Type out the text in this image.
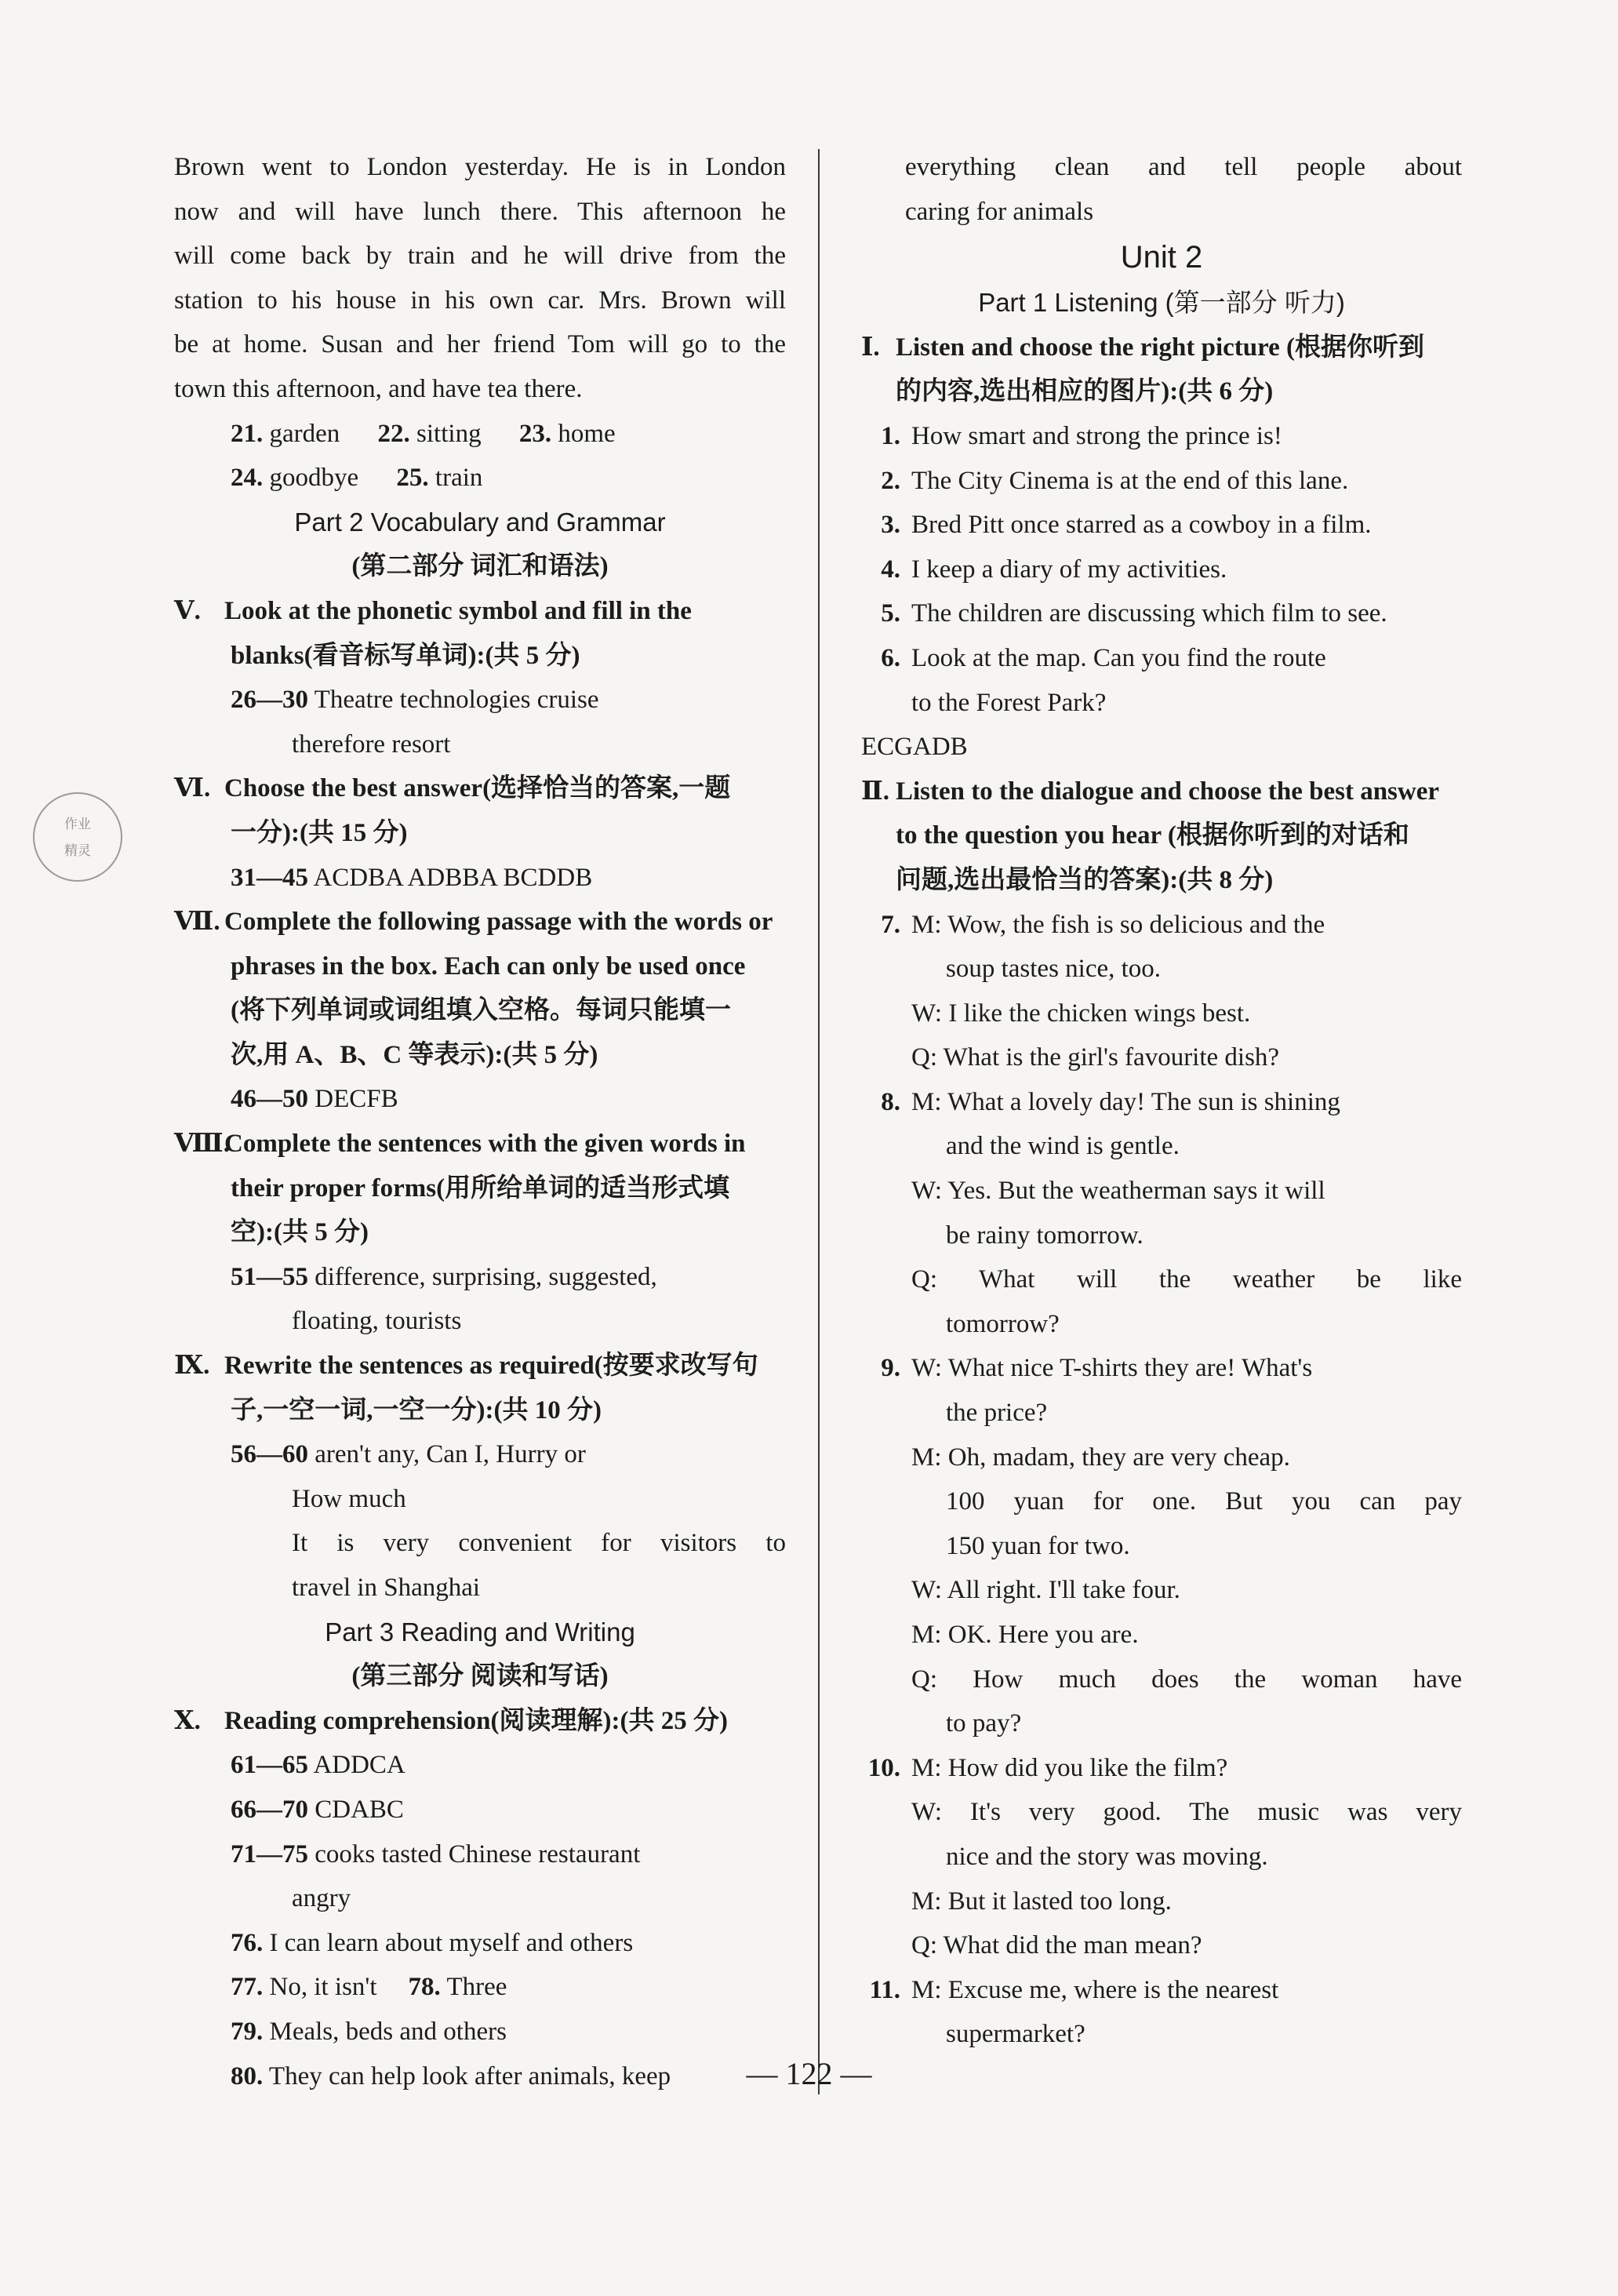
作业
精灵
Brown went to London yesterday. He is in London
now and will have lunch there. This afternoon he
will come back by train and he will drive from the
station to his house in his own car. Mrs. Brown will
be at home. Susan and her friend Tom will go to the
town this afternoon, and have tea there.
21. garden 22. sitting 23. home
24. goodbye 25. train
Part 2 Vocabulary and Grammar
(第二部分 词汇和语法)
Ⅴ. Look at the phonetic symbol and fill in the
blanks(看音标写单词):(共 5 分)
26—30 Theatre technologies cruise
therefore resort
Ⅵ. Choose the best answer(选择恰当的答案,一题
一分):(共 15 分)
31—45 ACDBA ADBBA BCDDB
Ⅶ. Complete the following passage with the words or
phrases in the box. Each can only be used once
(将下列单词或词组填入空格。每词只能填一
次,用 A、B、C 等表示):(共 5 分)
46—50 DECFB
Ⅷ.Complete the sentences with the given words in
their proper forms(用所给单词的适当形式填
空):(共 5 分)
51—55 difference, surprising, suggested,
floating, tourists
Ⅸ. Rewrite the sentences as required(按要求改写句
子,一空一词,一空一分):(共 10 分)
56—60 aren't any, Can I, Hurry or
How much
It is very convenient for visitors to
travel in Shanghai
Part 3 Reading and Writing
(第三部分 阅读和写话)
Ⅹ. Reading comprehension(阅读理解):(共 25 分)
61—65 ADDCA
66—70 CDABC
71—75 cooks tasted Chinese restaurant
angry
76. I can learn about myself and others
77. No, it isn't 78. Three
79. Meals, beds and others
80. They can help look after animals, keep
everything clean and tell people about
caring for animals
Unit 2
Part 1 Listening (第一部分 听力)
Ⅰ. Listen and choose the right picture (根据你听到
的内容,选出相应的图片):(共 6 分)
1. How smart and strong the prince is!
2. The City Cinema is at the end of this lane.
3. Bred Pitt once starred as a cowboy in a film.
4. I keep a diary of my activities.
5. The children are discussing which film to see.
6. Look at the map. Can you find the route
to the Forest Park?
ECGADB
Ⅱ. Listen to the dialogue and choose the best answer
to the question you hear (根据你听到的对话和
问题,选出最恰当的答案):(共 8 分)
7. M: Wow, the fish is so delicious and the
soup tastes nice, too.
W: I like the chicken wings best.
Q: What is the girl's favourite dish?
8. M: What a lovely day! The sun is shining
and the wind is gentle.
W: Yes. But the weatherman says it will
be rainy tomorrow.
Q: What will the weather be like
tomorrow?
9. W: What nice T-shirts they are! What's
the price?
M: Oh, madam, they are very cheap.
100 yuan for one. But you can pay
150 yuan for two.
W: All right. I'll take four.
M: OK. Here you are.
Q: How much does the woman have
to pay?
10. M: How did you like the film?
W: It's very good. The music was very
nice and the story was moving.
M: But it lasted too long.
Q: What did the man mean?
11. M: Excuse me, where is the nearest
supermarket?
— 122 —
